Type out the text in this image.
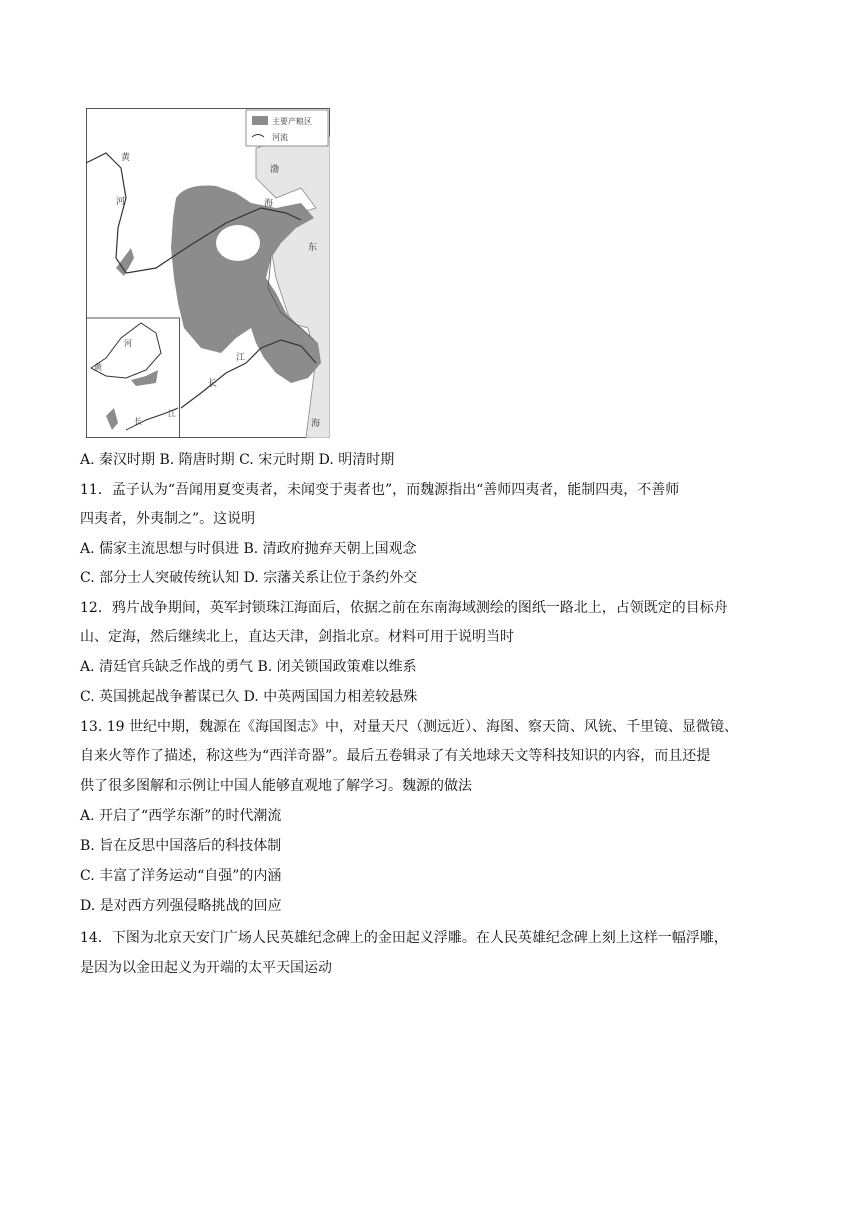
主要产粮区
河流
黄
河
渤
海
东
江
长
海
河
黄
长
江
A. 秦汉时期 B. 隋唐时期 C. 宋元时期 D. 明清时期
11．孟子认为“吾闻用夏变夷者，未闻变于夷者也”，而魏源指出“善师四夷者，能制四夷，不善师
四夷者，外夷制之”。这说明
A. 儒家主流思想与时俱进 B. 清政府抛弃天朝上国观念
C. 部分士人突破传统认知 D. 宗藩关系让位于条约外交
12．鸦片战争期间，英军封锁珠江海面后，依据之前在东南海域测绘的图纸一路北上，占领既定的目标舟
山、定海，然后继续北上，直达天津，剑指北京。材料可用于说明当时
A. 清廷官兵缺乏作战的勇气 B. 闭关锁国政策难以维系
C. 英国挑起战争蓄谋已久 D. 中英两国国力相差较悬殊
13. 19 世纪中期，魏源在《海国图志》中，对量天尺（测远近）、海图、察天筒、风铳、千里镜、显微镜、
自来火等作了描述，称这些为“西洋奇器”。最后五卷辑录了有关地球天文等科技知识的内容，而且还提
供了很多图解和示例让中国人能够直观地了解学习。魏源的做法
A. 开启了“西学东渐”的时代潮流
B. 旨在反思中国落后的科技体制
C. 丰富了洋务运动“自强”的内涵
D. 是对西方列强侵略挑战的回应
14．下图为北京天安门广场人民英雄纪念碑上的金田起义浮雕。在人民英雄纪念碑上刻上这样一幅浮雕，
是因为以金田起义为开端的太平天国运动
